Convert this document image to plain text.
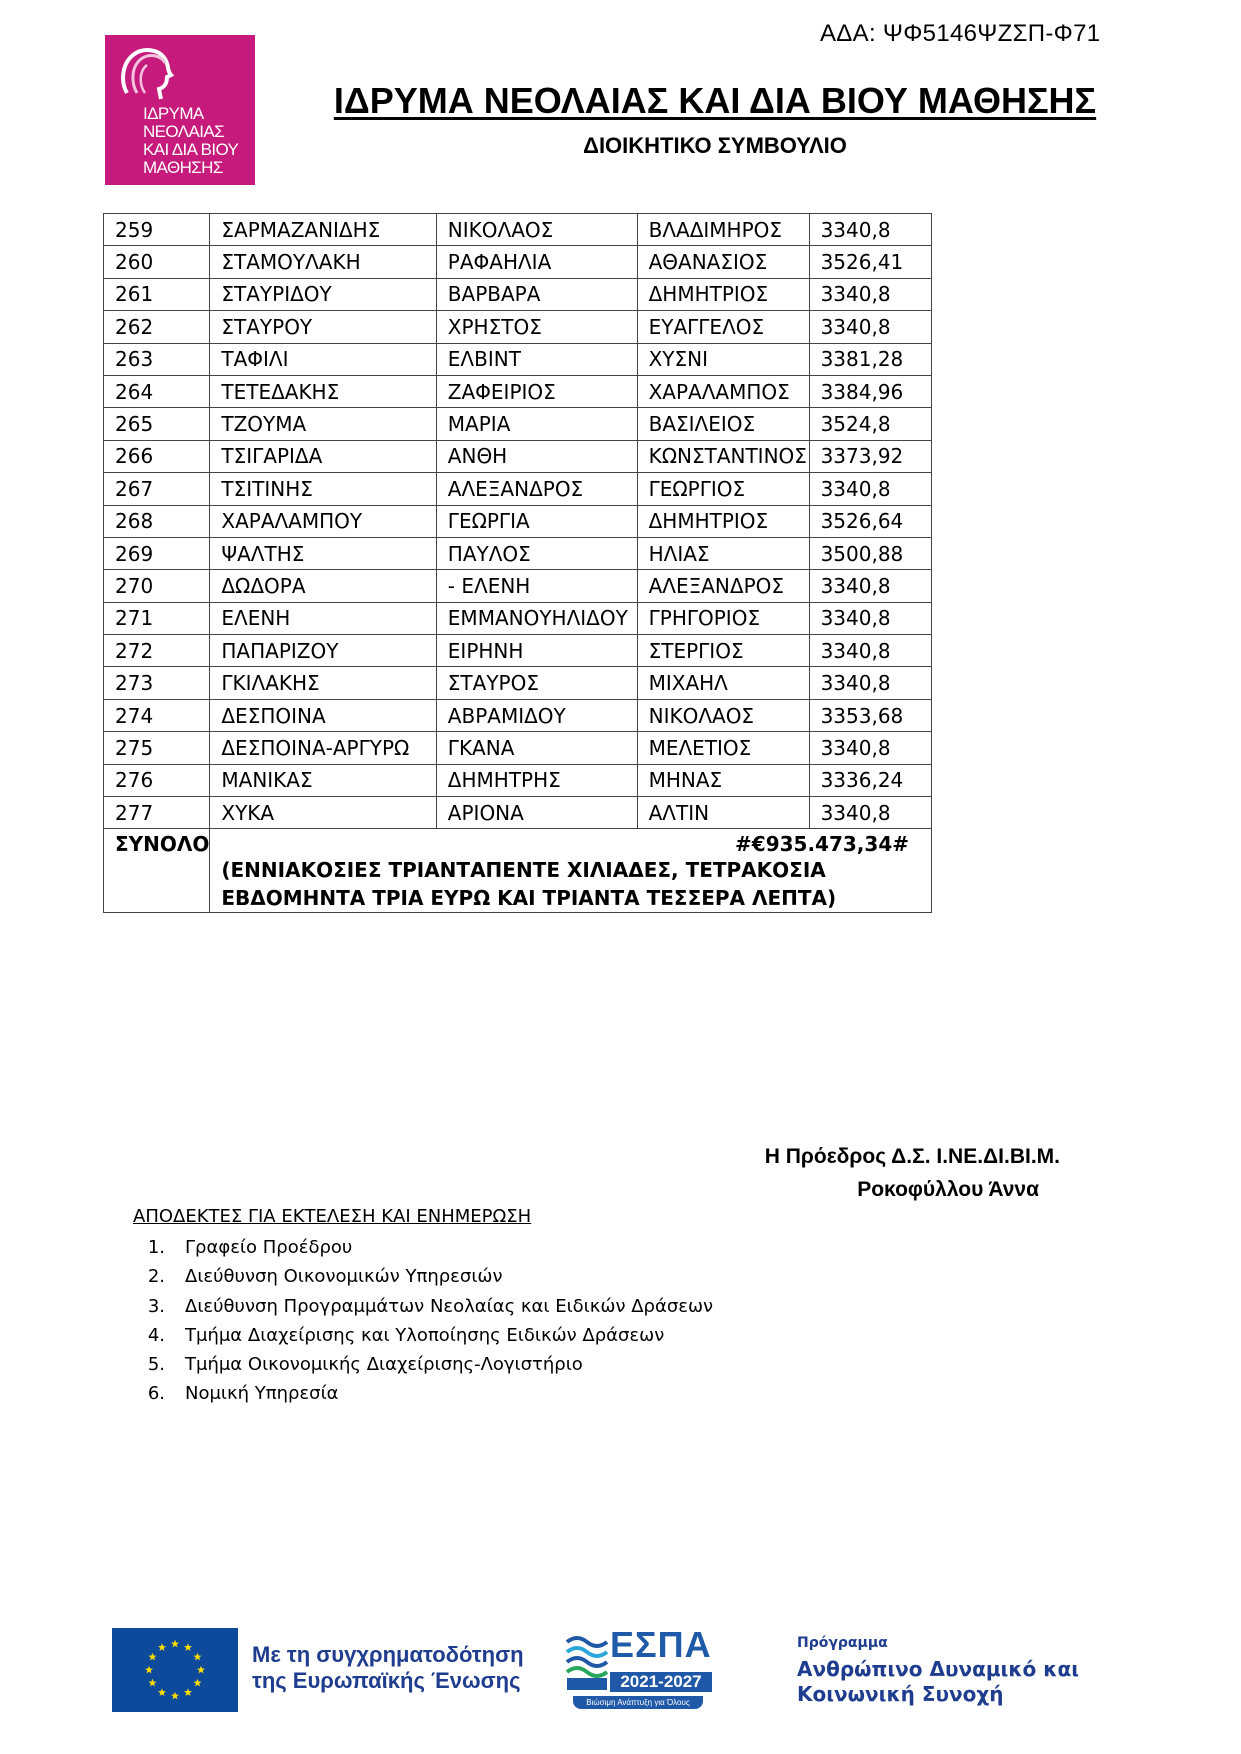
ΑΔΑ: ΨΦ5146ΨΖΣΠ-Φ71
ΙΔΡΥΜΑ
ΝΕΟΛΑΙΑΣ
ΚΑΙ ΔΙΑ ΒΙΟΥ
ΜΑΘΗΣΗΣ
ΙΔΡΥΜΑ ΝΕΟΛΑΙΑΣ ΚΑΙ ΔΙΑ ΒΙΟΥ ΜΑΘΗΣΗΣ
ΔΙΟΙΚΗΤΙΚΟ ΣΥΜΒΟΥΛΙΟ
259	ΣΑΡΜΑΖΑΝΙΔΗΣ	ΝΙΚΟΛΑΟΣ	ΒΛΑΔΙΜΗΡΟΣ	3340,8
260	ΣΤΑΜΟΥΛΑΚΗ	ΡΑΦΑΗΛΙΑ	ΑΘΑΝΑΣΙΟΣ	3526,41
261	ΣΤΑΥΡΙΔΟΥ	ΒΑΡΒΑΡΑ	ΔΗΜΗΤΡΙΟΣ	3340,8
262	ΣΤΑΥΡΟΥ	ΧΡΗΣΤΟΣ	ΕΥΑΓΓΕΛΟΣ	3340,8
263	ΤΑΦΙΛΙ	ΕΛΒΙΝΤ	ΧΥΣΝΙ	3381,28
264	ΤΕΤΕΔΑΚΗΣ	ΖΑΦΕΙΡΙΟΣ	ΧΑΡΑΛΑΜΠΟΣ	3384,96
265	ΤΖΟΥΜΑ	ΜΑΡΙΑ	ΒΑΣΙΛΕΙΟΣ	3524,8
266	ΤΣΙΓΑΡΙΔΑ	ΑΝΘΗ	ΚΩΝΣΤΑΝΤΙΝΟΣ	3373,92
267	ΤΣΙΤΙΝΗΣ	ΑΛΕΞΑΝΔΡΟΣ	ΓΕΩΡΓΙΟΣ	3340,8
268	ΧΑΡΑΛΑΜΠΟΥ	ΓΕΩΡΓΙΑ	ΔΗΜΗΤΡΙΟΣ	3526,64
269	ΨΑΛΤΗΣ	ΠΑΥΛΟΣ	ΗΛΙΑΣ	3500,88
270	ΔΩΔΟΡΑ	- ΕΛΕΝΗ	ΑΛΕΞΑΝΔΡΟΣ	3340,8
271	ΕΛΕΝΗ	ΕΜΜΑΝΟΥΗΛΙΔΟΥ	ΓΡΗΓΟΡΙΟΣ	3340,8
272	ΠΑΠΑΡΙΖΟΥ	ΕΙΡΗΝΗ	ΣΤΕΡΓΙΟΣ	3340,8
273	ΓΚΙΛΑΚΗΣ	ΣΤΑΥΡΟΣ	ΜΙΧΑΗΛ	3340,8
274	ΔΕΣΠΟΙΝΑ	ΑΒΡΑΜΙΔΟΥ	ΝΙΚΟΛΑΟΣ	3353,68
275	ΔΕΣΠΟΙΝΑ-ΑΡΓΥΡΩ	ΓΚΑΝΑ	ΜΕΛΕΤΙΟΣ	3340,8
276	ΜΑΝΙΚΑΣ	ΔΗΜΗΤΡΗΣ	ΜΗΝΑΣ	3336,24
277	ΧΥΚΑ	ΑΡΙΟΝΑ	ΑΛΤΙΝ	3340,8
ΣΥΝΟΛΟ	#€935.473,34#
(ΕΝΝΙΑΚΟΣΙΕΣ ΤΡΙΑΝΤΑΠΕΝΤΕ ΧΙΛΙΑΔΕΣ, ΤΕΤΡΑΚΟΣΙΑ ΕΒΔΟΜΗΝΤΑ ΤΡΙΑ ΕΥΡΩ ΚΑΙ ΤΡΙΑΝΤΑ ΤΕΣΣΕΡΑ ΛΕΠΤΑ)			
Η Πρόεδρος Δ.Σ. Ι.ΝΕ.ΔΙ.ΒΙ.Μ.
Ροκοφύλλου Άννα
ΑΠΟΔΕΚΤΕΣ ΓΙΑ ΕΚΤΕΛΕΣΗ ΚΑΙ ΕΝΗΜΕΡΩΣΗ
1. Γραφείο Προέδρου
2. Διεύθυνση Οικονομικών Υπηρεσιών
3. Διεύθυνση Προγραμμάτων Νεολαίας και Ειδικών Δράσεων
4. Τμήμα Διαχείρισης και Υλοποίησης Ειδικών Δράσεων
5. Τμήμα Οικονομικής Διαχείρισης-Λογιστήριο
6. Νομική Υπηρεσία
Με τη συγχρηματοδότηση
της Ευρωπαϊκής Ένωσης
ΕΣΠΑ
2021-2027
Βιώσιμη Ανάπτυξη για Όλους
Πρόγραμμα
Ανθρώπινο Δυναμικό και
Κοινωνική Συνοχή
